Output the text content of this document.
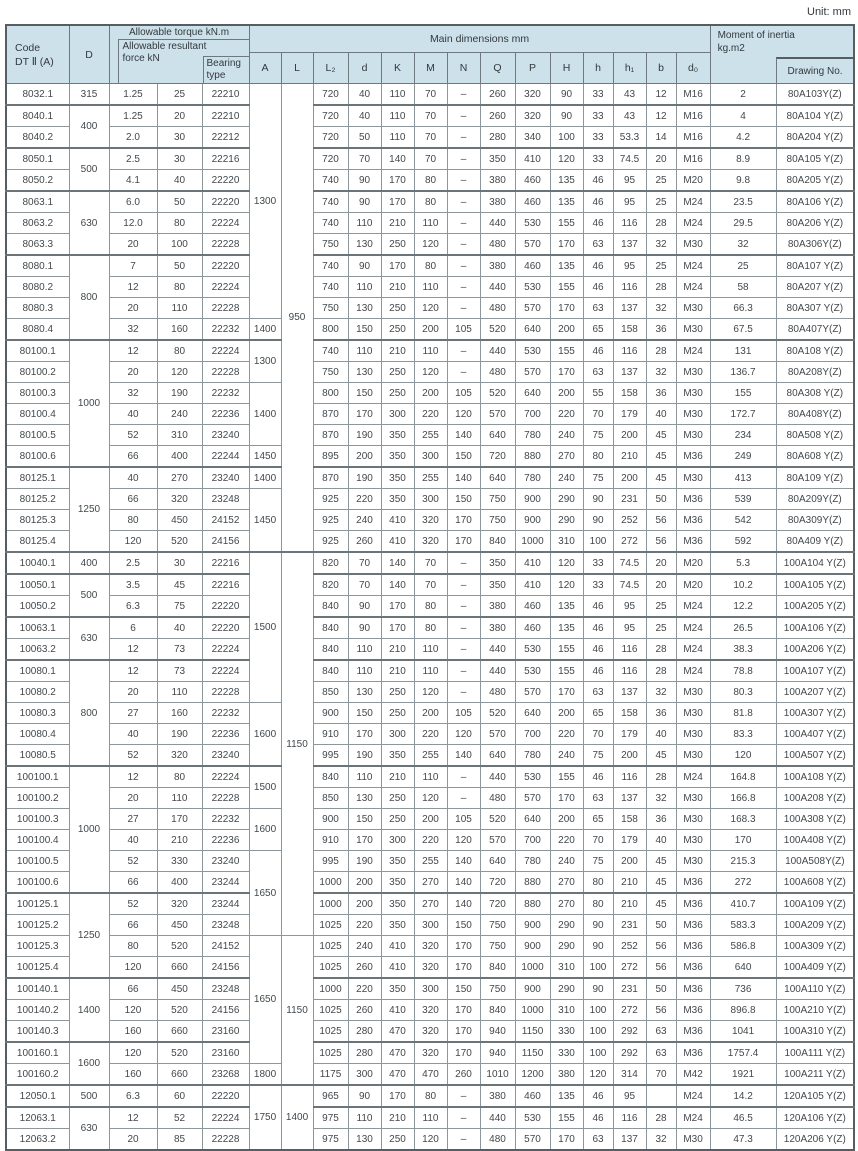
Unit: mm
Code
DT Ⅱ (A)
	D	
Allowable torque kN.m
Allowable resultant
force kN	Bearing
type
	Main dimensions mm	Moment of inertia
kg.m2
Drawing No.

					A	L	L₂	d	K	M	N	Q	P	H	h	h₁	b	d₀		
8032.1	315	1.25	25	22210	1300	950	720	40	110	70	–	260	320	90	33	43	12	M16	2	80A103Y(Z)
8040.1	400	1.25	20	22210			720	40	110	70	–	260	320	90	33	43	12	M16	4	80A104 Y(Z)
8040.2		2.0	30	22212			720	50	110	70	–	280	340	100	33	53.3	14	M16	4.2	80A204 Y(Z)
8050.1	500	2.5	30	22216			720	70	140	70	–	350	410	120	33	74.5	20	M16	8.9	80A105 Y(Z)
8050.2		4.1	40	22220			740	90	170	80	–	380	460	135	46	95	25	M20	9.8	80A205 Y(Z)
8063.1	630	6.0	50	22220			740	90	170	80	–	380	460	135	46	95	25	M24	23.5	80A106 Y(Z)
8063.2		12.0	80	22224			740	110	210	110	–	440	530	155	46	116	28	M24	29.5	80A206 Y(Z)
8063.3		20	100	22228			750	130	250	120	–	480	570	170	63	137	32	M30	32	80A306Y(Z)
8080.1	800	7	50	22220			740	90	170	80	–	380	460	135	46	95	25	M24	25	80A107 Y(Z)
8080.2		12	80	22224			740	110	210	110	–	440	530	155	46	116	28	M24	58	80A207 Y(Z)
8080.3		20	110	22228			750	130	250	120	–	480	570	170	63	137	32	M30	66.3	80A307 Y(Z)
8080.4		32	160	22232	1400		800	150	250	200	105	520	640	200	65	158	36	M30	67.5	80A407Y(Z)
80100.1	1000	12	80	22224	1300		740	110	210	110	–	440	530	155	46	116	28	M24	131	80A108 Y(Z)
80100.2		20	120	22228			750	130	250	120	–	480	570	170	63	137	32	M30	136.7	80A208Y(Z)
80100.3		32	190	22232	1400		800	150	250	200	105	520	640	200	55	158	36	M30	155	80A308 Y(Z)
80100.4		40	240	22236			870	170	300	220	120	570	700	220	70	179	40	M30	172.7	80A408Y(Z)
80100.5		52	310	23240			870	190	350	255	140	640	780	240	75	200	45	M30	234	80A508 Y(Z)
80100.6		66	400	22244	1450		895	200	350	300	150	720	880	270	80	210	45	M36	249	80A608 Y(Z)
80125.1	1250	40	270	23240	1400		870	190	350	255	140	640	780	240	75	200	45	M30	413	80A109 Y(Z)
80125.2		66	320	23248	1450		925	220	350	300	150	750	900	290	90	231	50	M36	539	80A209Y(Z)
80125.3		80	450	24152			925	240	410	320	170	750	900	290	90	252	56	M36	542	80A309Y(Z)
80125.4		120	520	24156			925	260	410	320	170	840	1000	310	100	272	56	M36	592	80A409 Y(Z)
10040.1	400	2.5	30	22216	1500	1150	820	70	140	70	–	350	410	120	33	74.5	20	M20	5.3	100A104 Y(Z)
10050.1	500	3.5	45	22216			820	70	140	70	–	350	410	120	33	74.5	20	M20	10.2	100A105 Y(Z)
10050.2		6.3	75	22220			840	90	170	80	–	380	460	135	46	95	25	M24	12.2	100A205 Y(Z)
10063.1	630	6	40	22220			840	90	170	80	–	380	460	135	46	95	25	M24	26.5	100A106 Y(Z)
10063.2		12	73	22224			840	110	210	110	–	440	530	155	46	116	28	M24	38.3	100A206 Y(Z)
10080.1	800	12	73	22224			840	110	210	110	–	440	530	155	46	116	28	M24	78.8	100A107 Y(Z)
10080.2		20	110	22228			850	130	250	120	–	480	570	170	63	137	32	M30	80.3	100A207 Y(Z)
10080.3		27	160	22232	1600		900	150	250	200	105	520	640	200	65	158	36	M30	81.8	100A307 Y(Z)
10080.4		40	190	22236			910	170	300	220	120	570	700	220	70	179	40	M30	83.3	100A407 Y(Z)
10080.5		52	320	23240			995	190	350	255	140	640	780	240	75	200	45	M30	120	100A507 Y(Z)
100100.1	1000	12	80	22224	1500		840	110	210	110	–	440	530	155	46	116	28	M24	164.8	100A108 Y(Z)
100100.2		20	110	22228			850	130	250	120	–	480	570	170	63	137	32	M30	166.8	100A208 Y(Z)
100100.3		27	170	22232	1600		900	150	250	200	105	520	640	200	65	158	36	M30	168.3	100A308 Y(Z)
100100.4		40	210	22236			910	170	300	220	120	570	700	220	70	179	40	M30	170	100A408 Y(Z)
100100.5		52	330	23240	1650		995	190	350	255	140	640	780	240	75	200	45	M30	215.3	100A508Y(Z)
100100.6		66	400	23244			1000	200	350	270	140	720	880	270	80	210	45	M36	272	100A608 Y(Z)
100125.1	1250	52	320	23244			1000	200	350	270	140	720	880	270	80	210	45	M36	410.7	100A109 Y(Z)
100125.2		66	450	23248			1025	220	350	300	150	750	900	290	90	231	50	M36	583.3	100A209 Y(Z)
100125.3		80	520	24152	1650	1150	1025	240	410	320	170	750	900	290	90	252	56	M36	586.8	100A309 Y(Z)
100125.4		120	660	24156			1025	260	410	320	170	840	1000	310	100	272	56	M36	640	100A409 Y(Z)
100140.1	1400	66	450	23248			1000	220	350	300	150	750	900	290	90	231	50	M36	736	100A110 Y(Z)
100140.2		120	520	24156			1025	260	410	320	170	840	1000	310	100	272	56	M36	896.8	100A210 Y(Z)
100140.3		160	660	23160			1025	280	470	320	170	940	1150	330	100	292	63	M36	1041	100A310 Y(Z)
100160.1	1600	120	520	23160			1025	280	470	320	170	940	1150	330	100	292	63	M36	1757.4	100A111 Y(Z)
100160.2		160	660	23268	1800		1175	300	470	470	260	1010	1200	380	120	314	70	M42	1921	100A211 Y(Z)
12050.1	500	6.3	60	22220	1750	1400	965	90	170	80	–	380	460	135	46	95		M24	14.2	120A105 Y(Z)
12063.1	630	12	52	22224			975	110	210	110	–	440	530	155	46	116	28	M24	46.5	120A106 Y(Z)
12063.2		20	85	22228			975	130	250	120	–	480	570	170	63	137	32	M30	47.3	120A206 Y(Z)
